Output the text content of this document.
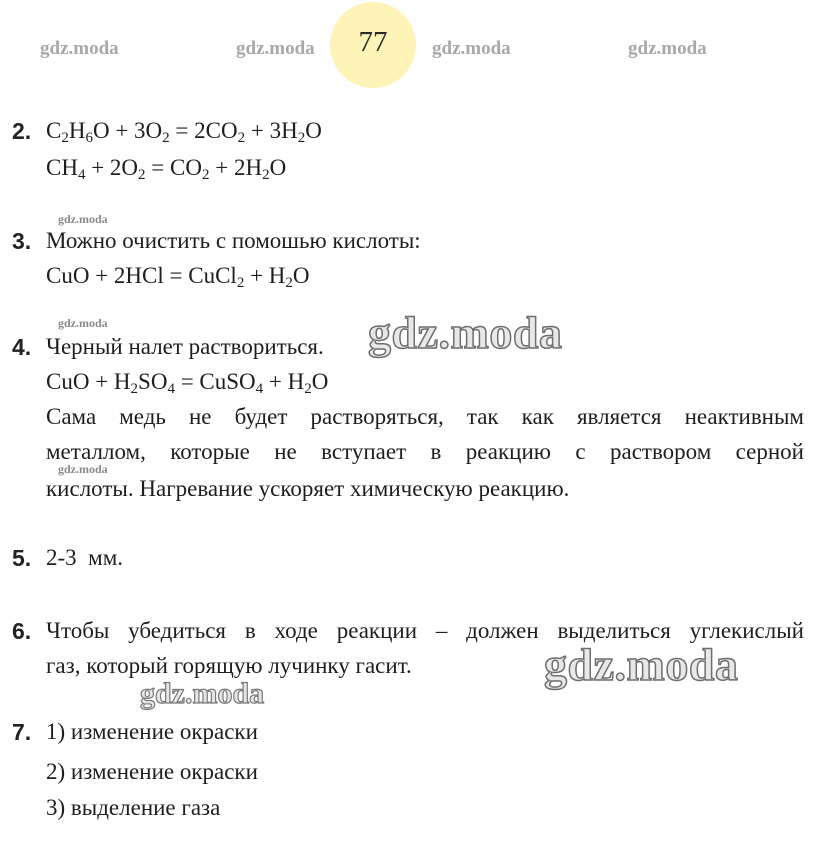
77
gdz.moda	gdz.moda	gdz.moda	gdz.moda
2. $C_2H_6O + 3O_2 = 2CO_2 + 3H_2O$
$CH_4 + 2O_2 = CO_2 + 2H_2O$
gdz.moda
3. Можно очистить с помошью кислоты:
CuO + 2HCl = CuCl$_2$ + $H_2O$
gdz.moda
4. Черный налет раствориться. gdz.moda
CuO + $H_2SO_4$ = CuSO$_4$ + $H_2O$
Сама медь не будет растворяться, так как является неактивным
металлом, которые не вступает в реакцию с раствором серной
gdz.moda
кислоты. Нагревание ускоряет химическую реакцию.
5. 2-3  мм.
6. Чтобы убедиться в ходе реакции – должен выделиться углекислый
газ, который горящую лучинку гасит.	gdz.moda
gdz.moda
7. 1) изменение окраски
2) изменение окраски
3) выделение газа
